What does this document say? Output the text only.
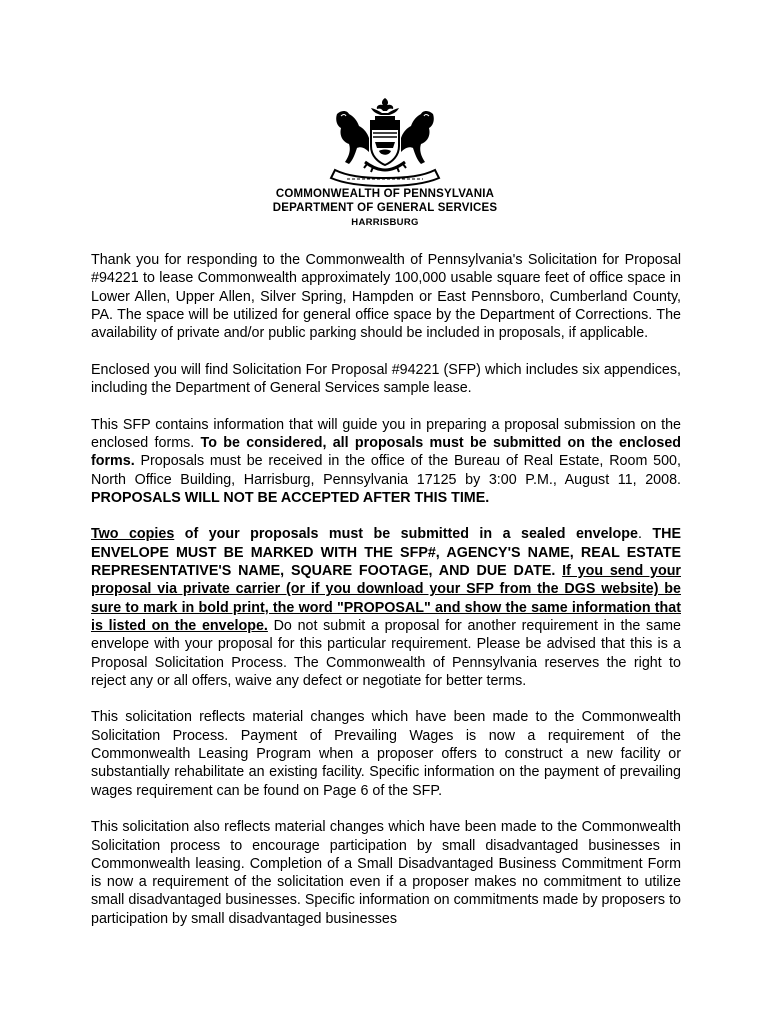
COMMONWEALTH OF PENNSYLVANIA
DEPARTMENT OF GENERAL SERVICES
HARRISBURG

Thank you for responding to the Commonwealth of Pennsylvania's Solicitation for Proposal #94221 to lease Commonwealth approximately 100,000 usable square feet of office space in Lower Allen, Upper Allen, Silver Spring, Hampden or East Pennsboro, Cumberland County, PA. The space will be utilized for general office space by the Department of Corrections. The availability of private and/or public parking should be included in proposals, if applicable.

Enclosed you will find Solicitation For Proposal #94221 (SFP) which includes six appendices, including the Department of General Services sample lease.

This SFP contains information that will guide you in preparing a proposal submission on the enclosed forms. To be considered, all proposals must be submitted on the enclosed forms. Proposals must be received in the office of the Bureau of Real Estate, Room 500, North Office Building, Harrisburg, Pennsylvania 17125 by 3:00 P.M., August 11, 2008. PROPOSALS WILL NOT BE ACCEPTED AFTER THIS TIME.

Two copies of your proposals must be submitted in a sealed envelope. THE ENVELOPE MUST BE MARKED WITH THE SFP#, AGENCY'S NAME, REAL ESTATE REPRESENTATIVE'S NAME, SQUARE FOOTAGE, AND DUE DATE. If you send your proposal via private carrier (or if you download your SFP from the DGS website) be sure to mark in bold print, the word "PROPOSAL" and show the same information that is listed on the envelope. Do not submit a proposal for another requirement in the same envelope with your proposal for this particular requirement. Please be advised that this is a Proposal Solicitation Process. The Commonwealth of Pennsylvania reserves the right to reject any or all offers, waive any defect or negotiate for better terms.

This solicitation reflects material changes which have been made to the Commonwealth Solicitation Process. Payment of Prevailing Wages is now a requirement of the Commonwealth Leasing Program when a proposer offers to construct a new facility or substantially rehabilitate an existing facility. Specific information on the payment of prevailing wages requirement can be found on Page 6 of the SFP.

This solicitation also reflects material changes which have been made to the Commonwealth Solicitation process to encourage participation by small disadvantaged businesses in Commonwealth leasing. Completion of a Small Disadvantaged Business Commitment Form is now a requirement of the solicitation even if a proposer makes no commitment to utilize small disadvantaged businesses. Specific information on commitments made by proposers to participation by small disadvantaged businesses
